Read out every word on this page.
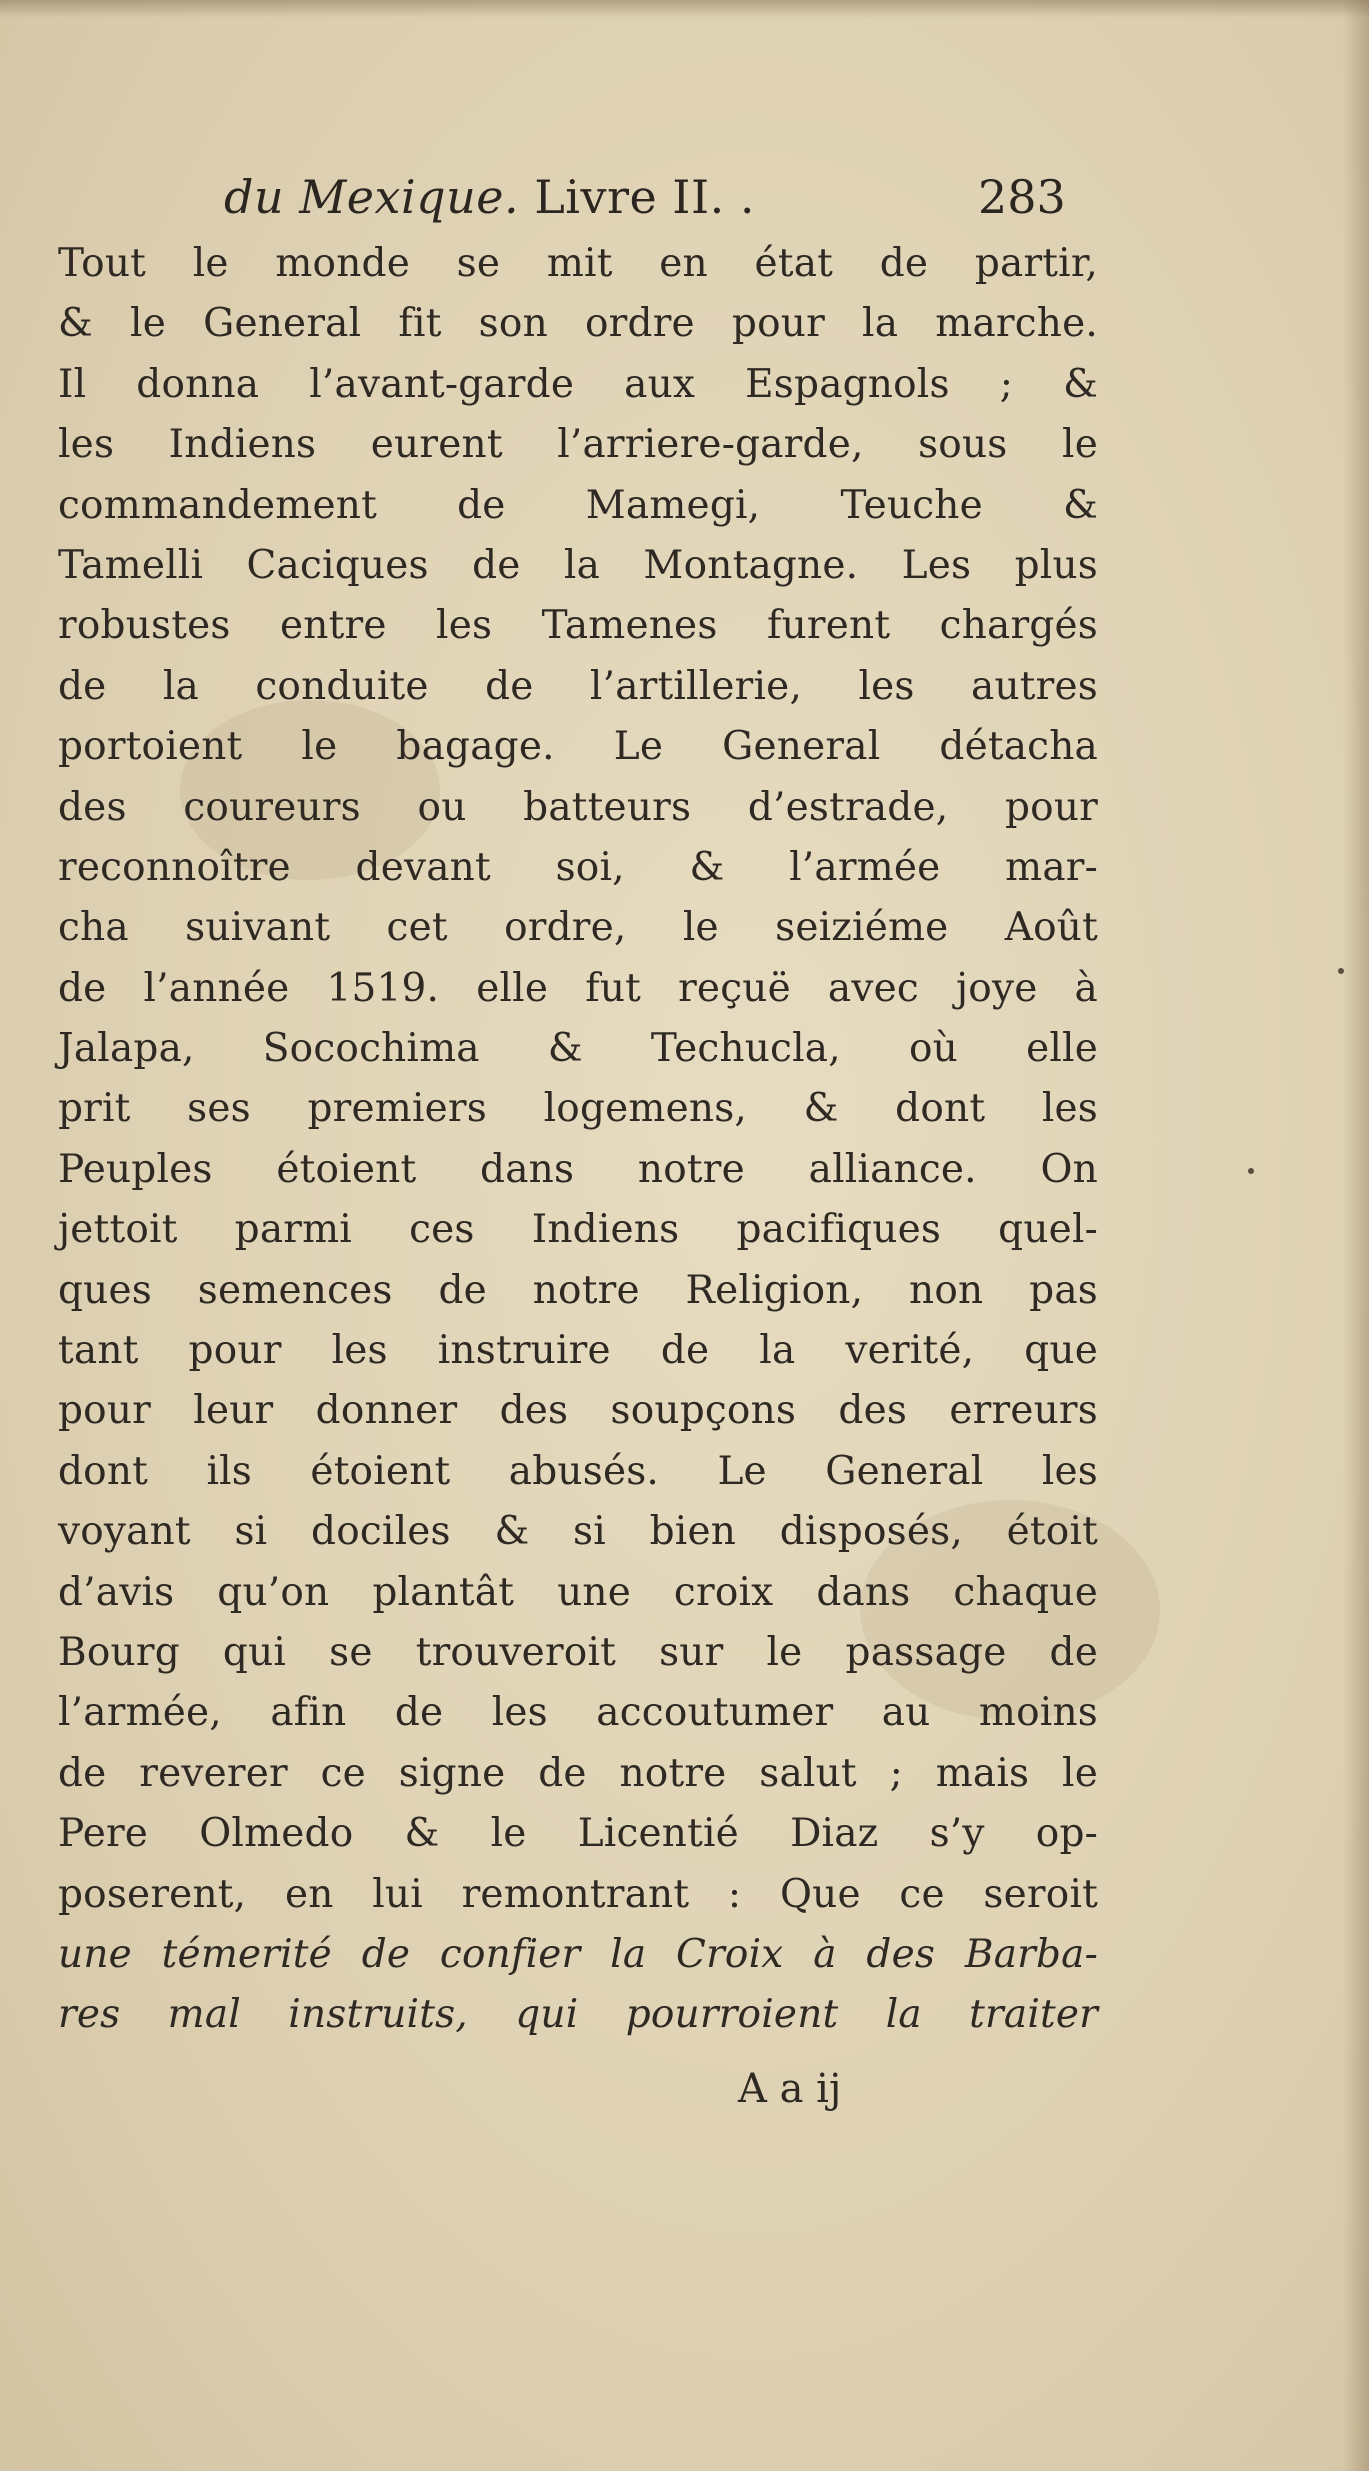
du Mexique. Livre II. .	283
Tout le monde se mit en état de partir,
& le General fit son ordre pour la marche.
Il donna l’avant-garde aux Espagnols ; &
les Indiens eurent l’arriere-garde, sous le
commandement de Mamegi, Teuche &
Tamelli Caciques de la Montagne. Les plus
robustes entre les Tamenes furent chargés
de la conduite de l’artillerie, les autres
portoient le bagage. Le General détacha
des coureurs ou batteurs d’estrade, pour
reconnoître devant soi, & l’armée mar-
cha suivant cet ordre, le seiziéme Août
de l’année 1519. elle fut reçuë avec joye à
Jalapa, Socochima & Techucla, où elle
prit ses premiers logemens, & dont les
Peuples étoient dans notre alliance. On
jettoit parmi ces Indiens pacifiques quel-
ques semences de notre Religion, non pas
tant pour les instruire de la verité, que
pour leur donner des soupçons des erreurs
dont ils étoient abusés. Le General les
voyant si dociles & si bien disposés, étoit
d’avis qu’on plantât une croix dans chaque
Bourg qui se trouveroit sur le passage de
l’armée, afin de les accoutumer au moins
de reverer ce signe de notre salut ; mais le
Pere Olmedo & le Licentié Diaz s’y op-
poserent, en lui remontrant : Que ce seroit
une témerité de confier la Croix à des Barba-
res mal instruits, qui pourroient la traiter
A a ij
